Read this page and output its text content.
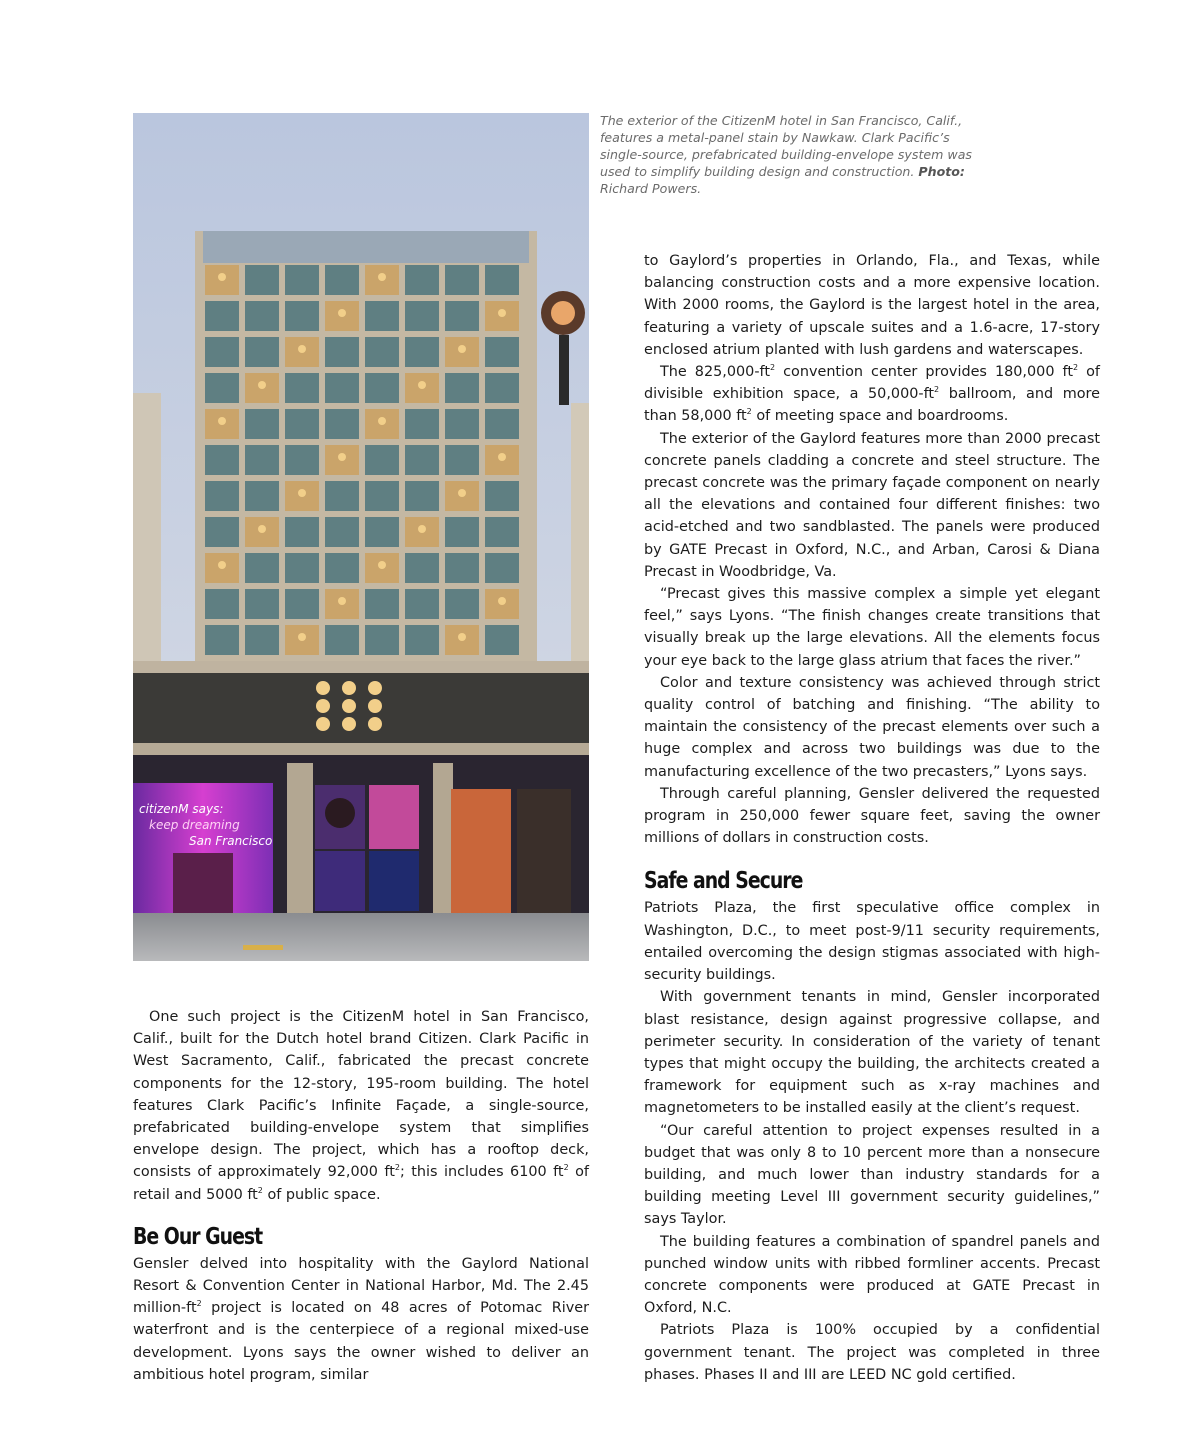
citizenM says:
keep dreaming
San Francisco
The exterior of the CitizenM hotel in San Francisco, Calif., features a metal-panel stain by Nawkaw. Clark Pacific’s single-source, prefabricated building-envelope system was used to simplify building design and construction. Photo: Richard Powers.

One such project is the CitizenM hotel in San Francisco, Calif., built for the Dutch hotel brand Citizen. Clark Pacific in West Sacramento, Calif., fabricated the precast concrete components for the 12-story, 195-room building. The hotel features Clark Pacific’s Infinite Façade, a single-source, prefabricated building-envelope system that simplifies envelope design. The project, which has a rooftop deck, consists of approximately 92,000 $ft^2$; this includes 6100 $ft^2$ of retail and 5000 $ft^2$ of public space.

Be Our Guest

Gensler delved into hospitality with the Gaylord National Resort & Convention Center in National Harbor, Md. The 2.45 million-$ft^2$ project is located on 48 acres of Potomac River waterfront and is the centerpiece of a regional mixed-use development. Lyons says the owner wished to deliver an ambitious hotel program, similar

to Gaylord’s properties in Orlando, Fla., and Texas, while balancing construction costs and a more expensive location. With 2000 rooms, the Gaylord is the largest hotel in the area, featuring a variety of upscale suites and a 1.6-acre, 17-story enclosed atrium planted with lush gardens and waterscapes.

The $825,000-ft^2$ convention center provides 180,000 $ft^2$ of divisible exhibition space, a $50,000-ft^2$ ballroom, and more than 58,000 $ft^2$ of meeting space and boardrooms.

The exterior of the Gaylord features more than 2000 precast concrete panels cladding a concrete and steel structure. The precast concrete was the primary façade component on nearly all the elevations and contained four different finishes: two acid-etched and two sandblasted. The panels were produced by GATE Precast in Oxford, N.C., and Arban, Carosi & Diana Precast in Woodbridge, Va.

“Precast gives this massive complex a simple yet elegant feel,” says Lyons. “The finish changes create transitions that visually break up the large elevations. All the elements focus your eye back to the large glass atrium that faces the river.”

Color and texture consistency was achieved through strict quality control of batching and finishing. “The ability to maintain the consistency of the precast elements over such a huge complex and across two buildings was due to the manufacturing excellence of the two precasters,” Lyons says.

Through careful planning, Gensler delivered the requested program in 250,000 fewer square feet, saving the owner millions of dollars in construction costs.

Safe and Secure

Patriots Plaza, the first speculative office complex in Washington, D.C., to meet post-9/11 security requirements, entailed overcoming the design stigmas associated with high-security buildings.

With government tenants in mind, Gensler incorporated blast resistance, design against progressive collapse, and perimeter security. In consideration of the variety of tenant types that might occupy the building, the architects created a framework for equipment such as x-ray machines and magnetometers to be installed easily at the client’s request.

“Our careful attention to project expenses resulted in a budget that was only 8 to 10 percent more than a nonsecure building, and much lower than industry standards for a building meeting Level III government security guidelines,” says Taylor.

The building features a combination of spandrel panels and punched window units with ribbed formliner accents. Precast concrete components were produced at GATE Precast in Oxford, N.C.

Patriots Plaza is 100% occupied by a confidential government tenant. The project was completed in three phases. Phases II and III are LEED NC gold certified.
